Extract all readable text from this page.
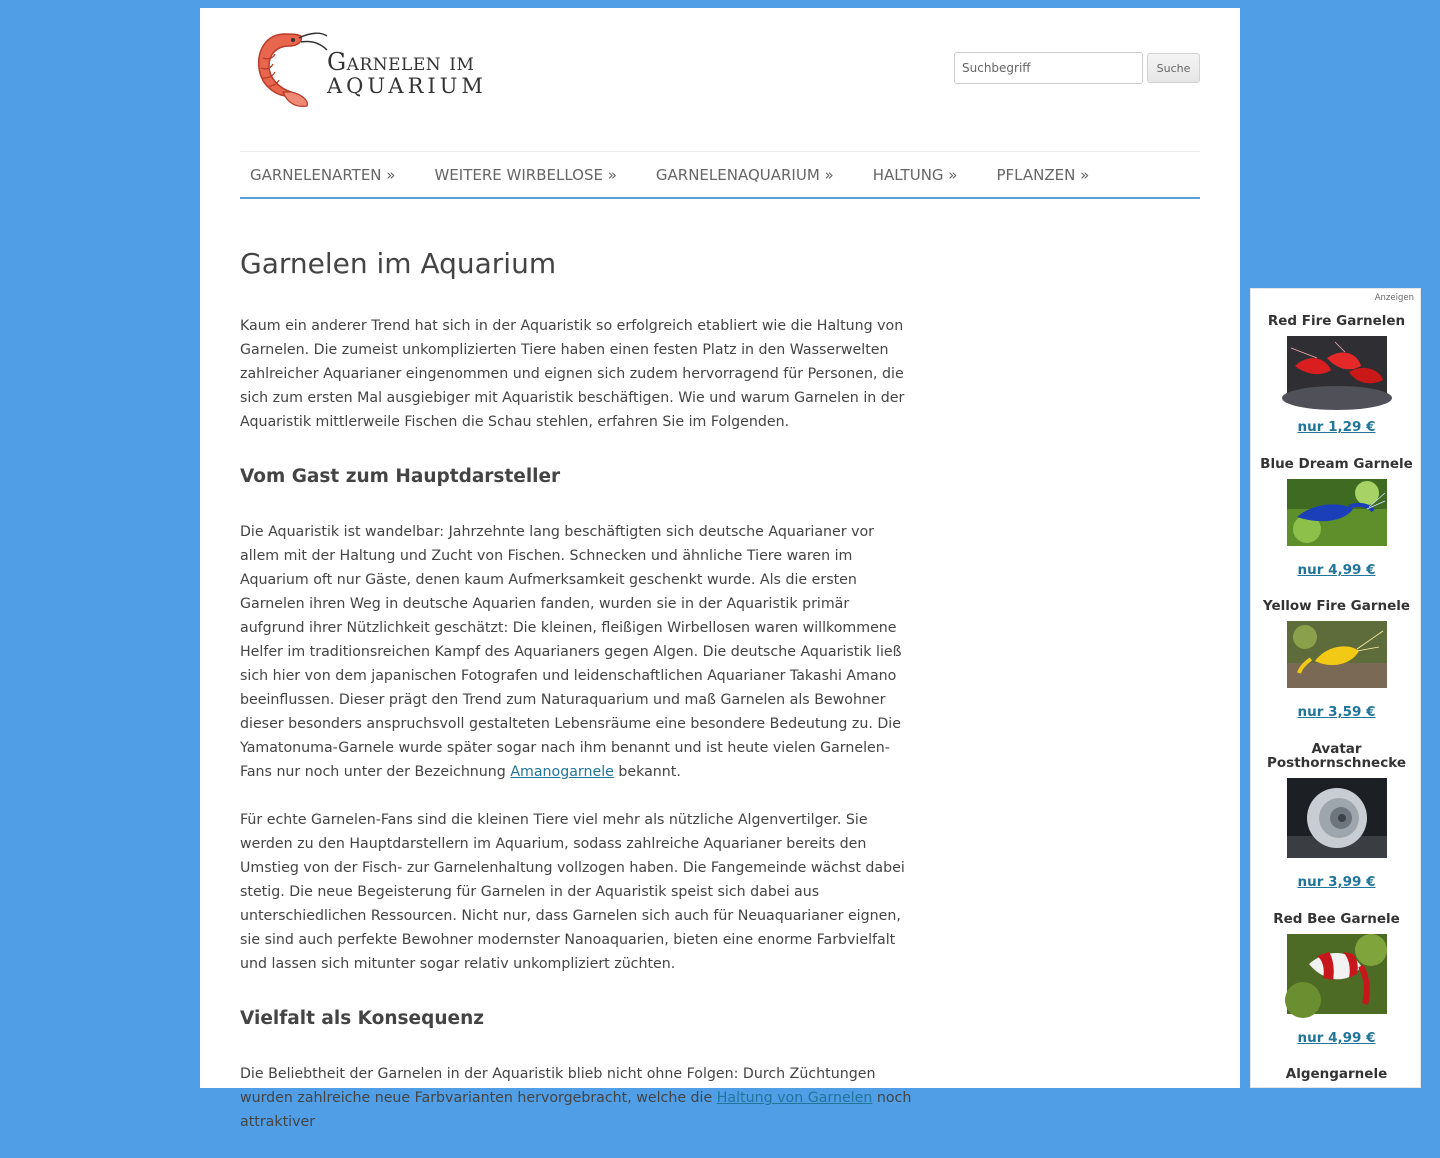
Garnelen im
AQUARIUM
Suchbegriff
Suche
GARNELENARTEN »	WEITERE WIRBELLOSE »	GARNELENAQUARIUM »	HALTUNG »	PFLANZEN »
Garnelen im Aquarium

Kaum ein anderer Trend hat sich in der Aquaristik so erfolgreich etabliert wie die Haltung von Garnelen. Die zumeist unkomplizierten Tiere haben einen festen Platz in den Wasserwelten zahlreicher Aquarianer eingenommen und eignen sich zudem hervorragend für Personen, die sich zum ersten Mal ausgiebiger mit Aquaristik beschäftigen. Wie und warum Garnelen in der Aquaristik mittlerweile Fischen die Schau stehlen, erfahren Sie im Folgenden.

Vom Gast zum Hauptdarsteller

Die Aquaristik ist wandelbar: Jahrzehnte lang beschäftigten sich deutsche Aquarianer vor allem mit der Haltung und Zucht von Fischen. Schnecken und ähnliche Tiere waren im Aquarium oft nur Gäste, denen kaum Aufmerksamkeit geschenkt wurde. Als die ersten Garnelen ihren Weg in deutsche Aquarien fanden, wurden sie in der Aquaristik primär aufgrund ihrer Nützlichkeit geschätzt: Die kleinen, fleißigen Wirbellosen waren willkommene Helfer im traditionsreichen Kampf des Aquarianers gegen Algen. Die deutsche Aquaristik ließ sich hier von dem japanischen Fotografen und leidenschaftlichen Aquarianer Takashi Amano beeinflussen. Dieser prägt den Trend zum Naturaquarium und maß Garnelen als Bewohner dieser besonders anspruchsvoll gestalteten Lebensräume eine besondere Bedeutung zu. Die Yamatonuma-Garnele wurde später sogar nach ihm benannt und ist heute vielen Garnelen-Fans nur noch unter der Bezeichnung Amanogarnele bekannt.

Für echte Garnelen-Fans sind die kleinen Tiere viel mehr als nützliche Algenvertilger. Sie werden zu den Hauptdarstellern im Aquarium, sodass zahlreiche Aquarianer bereits den Umstieg von der Fisch- zur Garnelenhaltung vollzogen haben. Die Fangemeinde wächst dabei stetig. Die neue Begeisterung für Garnelen in der Aquaristik speist sich dabei aus unterschiedlichen Ressourcen. Nicht nur, dass Garnelen sich auch für Neuaquarianer eignen, sie sind auch perfekte Bewohner modernster Nanoaquarien, bieten eine enorme Farbvielfalt und lassen sich mitunter sogar relativ unkompliziert züchten.

Vielfalt als Konsequenz

Die Beliebtheit der Garnelen in der Aquaristik blieb nicht ohne Folgen: Durch Züchtungen wurden zahlreiche neue Farbvarianten hervorgebracht, welche die Haltung von Garnelen noch attraktiver

Anzeigen
Red Fire Garnelen
nur 1,29 €
Blue Dream Garnele
nur 4,99 €
Yellow Fire Garnele
nur 3,59 €
Avatar Posthornschnecke
nur 3,99 €
Red Bee Garnele
nur 4,99 €
Algengarnele
